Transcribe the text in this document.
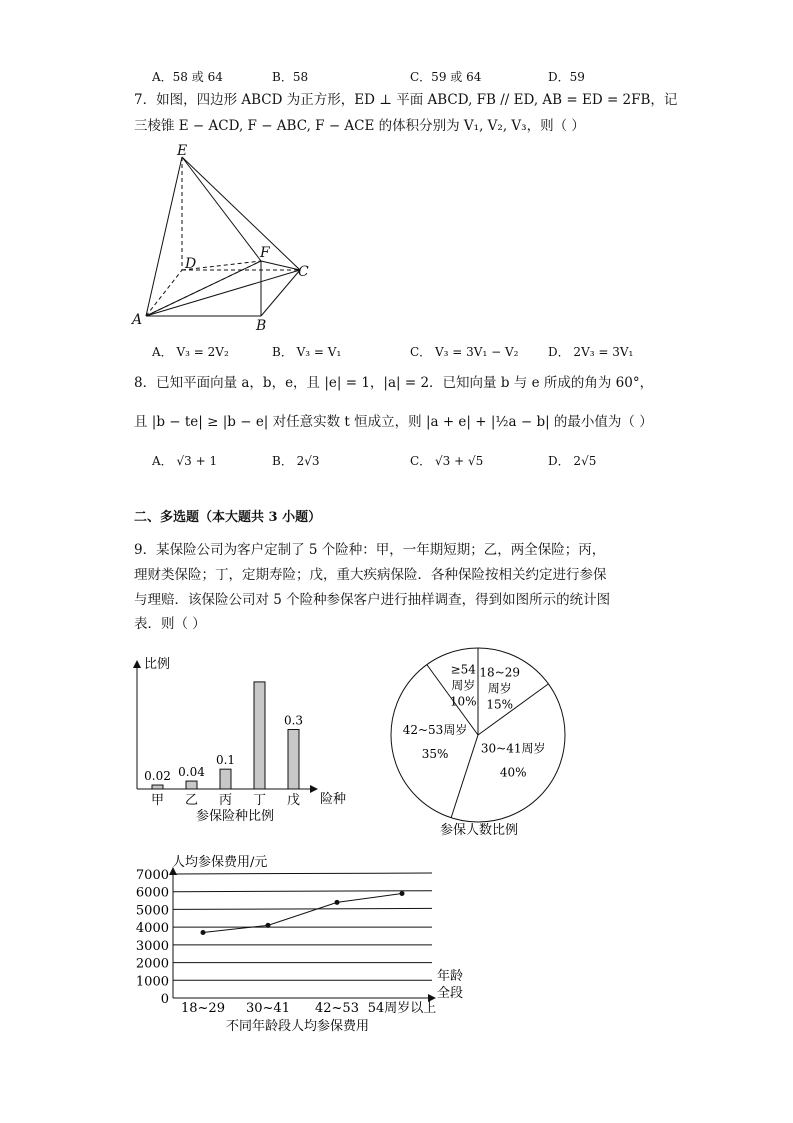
A．58 或 64	B．58	C．59 或 64	D．59
7．如图，四边形 ABCD 为正方形，ED ⊥ 平面 ABCD, FB // ED, AB = ED = 2FB，记
三棱锥 E − ACD, F − ABC, F − ACE 的体积分别为 V₁, V₂, V₃，则（ ）
E
F
D	C
A	B
A． V₃ = 2V₂	B． V₃ = V₁	C． V₃ = 3V₁ − V₂ D． 2V₃ = 3V₁
8．已知平面向量 a，b，e，且 |e| = 1，|a| = 2．已知向量 b 与 e 所成的角为 60°，
且 |b − te| ≥ |b − e| 对任意实数 t 恒成立，则 |a + e| + |½a − b| 的最小值为（ ）
A． √3 + 1	B． 2√3	C． √3 + √5	D． 2√5
二、多选题（本大题共 3 小题）
9．某保险公司为客户定制了 5 个险种：甲，一年期短期；乙，两全保险；丙，
理财类保险；丁，定期寿险；戊，重大疾病保险．各种保险按相关约定进行参保
与理赔．该保险公司对 5 个险种参保客户进行抽样调查，得到如图所示的统计图
表．则（ ）
比例
险种
参保险种比例
0.02
甲
0.04
乙
0.1
丙 丁
0.3
戊
18~29
周岁
15%
30~41周岁
40%
42~53周岁
35%
≥54
周岁
10%
参保人数比例
人均参保费用/元
年龄
全段
不同年龄段人均参保费用
0
1000
2000
3000
4000
5000
6000
7000
18~29 30~41 42~53 54周岁以上
